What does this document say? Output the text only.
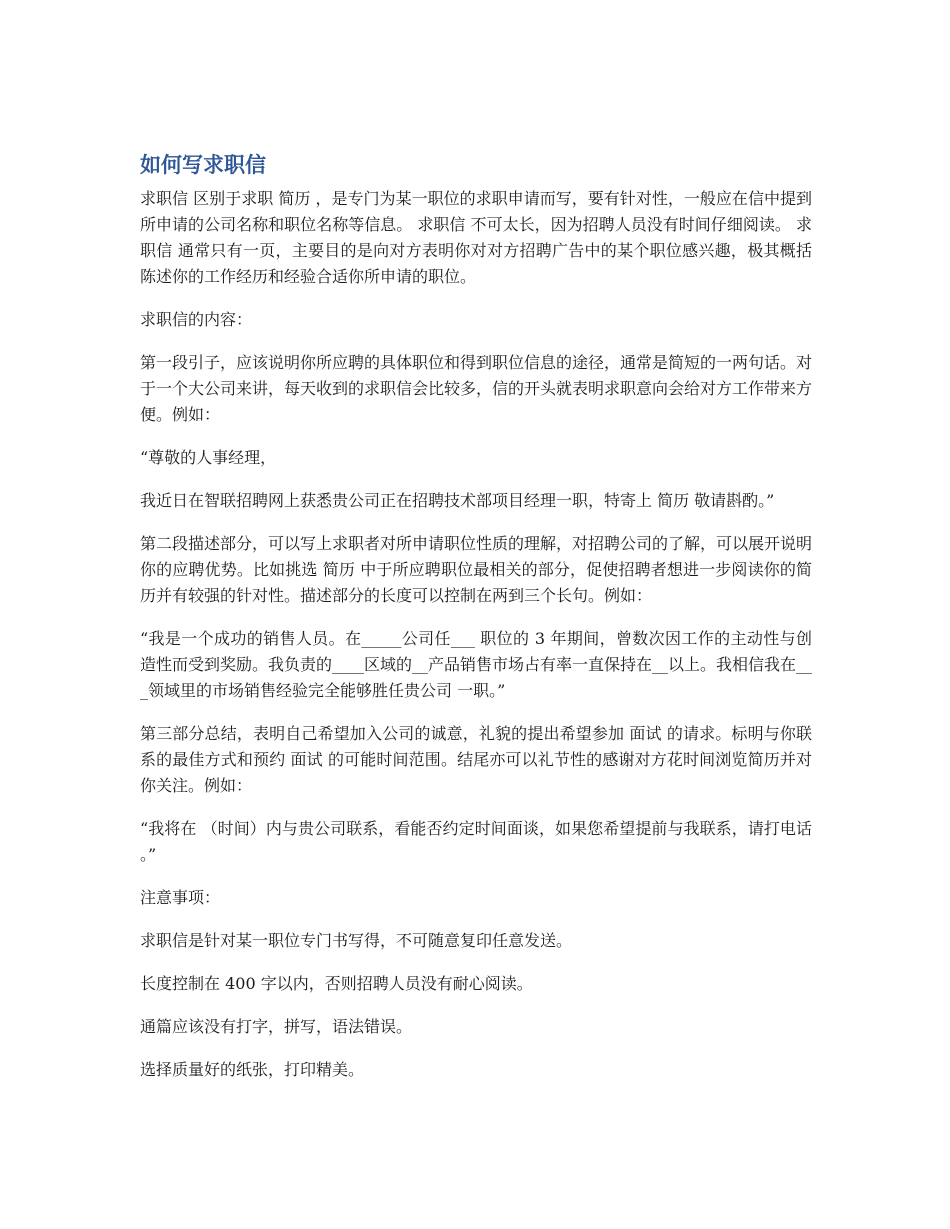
如何写求职信

求职信 区别于求职 简历 ，是专门为某一职位的求职申请而写，要有针对性，一般应在信中提到所申请的公司名称和职位名称等信息。 求职信 不可太长，因为招聘人员没有时间仔细阅读。 求职信 通常只有一页，主要目的是向对方表明你对对方招聘广告中的某个职位感兴趣，极其概括陈述你的工作经历和经验合适你所申请的职位。

求职信的内容：

第一段引子，应该说明你所应聘的具体职位和得到职位信息的途径，通常是简短的一两句话。对于一个大公司来讲，每天收到的求职信会比较多，信的开头就表明求职意向会给对方工作带来方便。例如：

“尊敬的人事经理，

我近日在智联招聘网上获悉贵公司正在招聘技术部项目经理一职，特寄上 简历 敬请斟酌。”

第二段描述部分，可以写上求职者对所申请职位性质的理解，对招聘公司的了解，可以展开说明你的应聘优势。比如挑选 简历 中于所应聘职位最相关的部分，促使招聘者想进一步阅读你的简历并有较强的针对性。描述部分的长度可以控制在两到三个长句。例如：

“我是一个成功的销售人员。在_____公司任___ 职位的 3 年期间，曾数次因工作的主动性与创造性而受到奖励。我负责的____区域的__产品销售市场占有率一直保持在__以上。我相信我在___领域里的市场销售经验完全能够胜任贵公司 一职。”

第三部分总结，表明自己希望加入公司的诚意，礼貌的提出希望参加 面试 的请求。标明与你联系的最佳方式和预约 面试 的可能时间范围。结尾亦可以礼节性的感谢对方花时间浏览简历并对你关注。例如：

“我将在 （时间）内与贵公司联系，看能否约定时间面谈，如果您希望提前与我联系，请打电话 。”

注意事项：

求职信是针对某一职位专门书写得，不可随意复印任意发送。

长度控制在 400 字以内，否则招聘人员没有耐心阅读。

通篇应该没有打字，拼写，语法错误。

选择质量好的纸张，打印精美。
